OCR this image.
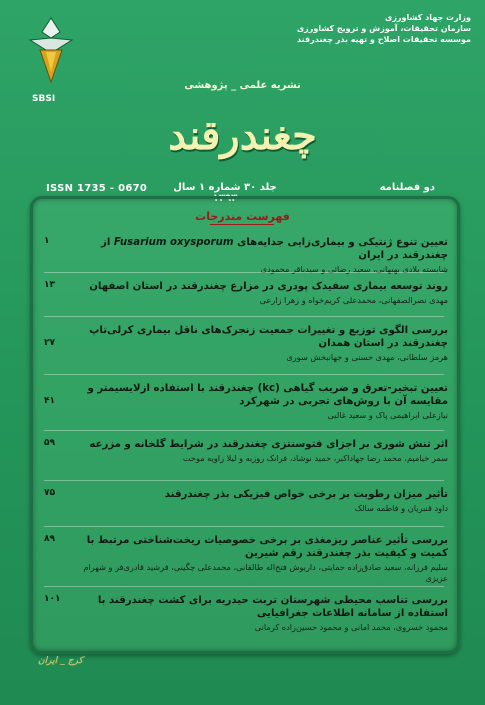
وزارت جهاد کشاورزی
سازمان تحقیقات، آموزش و ترویج کشاورزی
موسسه تحقیقات اصلاح و تهیه بذر چغندرقند
SBSI
نشریه علمی _ پژوهشی
چغندرقند
ISSN 1735 - 0670	جلد ۳۰ شماره ۱ سال ۱۳۹۳
دو فصلنامه
فهرست مندرجات
تعیین تنوع ژنتیکی و بیماری‌زایی جدایه‌های Fusarium oxysporum از چغندرقند در ایران
شایسته بلادی بهبهانی، سعید رضائی و سیدباقر محمودی
۱
روند توسعه بیماری سفیدک پودری در مزارع چغندرقند در استان اصفهان
مهدی نصرالصفهانی، محمدعلی کریم‌خواه و زهرا زارعی
۱۳
بررسی الگوی توزیع و تغییرات جمعیت زنجرک‌های ناقل بیماری کرلی‌تاپ چغندرقند در استان همدان
هرمز سلطانی، مهدی حسنی و جهانبخش سوری
۲۷
تعیین تبخیر-تعرق و ضریب گیاهی (kc) چغندرقند با استفاده ازلایسیمتر و مقایسه آن با روش‌های تجربی در شهرکرد
نیازعلی ابراهیمی پاک و سعید غالبی
۴۱
اثر تنش شوری بر اجزای فتوسنتزی چغندرقند در شرایط گلخانه و مزرعه
سمر خیامیم، محمد رضا جهاداکبر، حمید نوشاد، فرانک روزبه و لیلا زاویه موحت
۵۹
تأثیر میزان رطوبت بر برخی خواص فیزیکی بذر چغندرقند
داود قنبریان و فاطمه سالک
۷۵
بررسی تأثیر عناصر ریزمغذی بر برخی خصوصیات ریخت‌شناختی مرتبط با کمیت و کیفیت بذر چغندرقند رقم شیرین
سلیم فرزانه، سعید صادق‌زاده حمایتی، داریوش فتح‌اله طالقانی، محمدعلی چگینی، فرشید قادری‌فر و شهرام عزیزی
۸۹
بررسی تناسب محیطی شهرستان تربت حیدریه برای کشت چغندرقند با استفاده از سامانه اطلاعات جغرافیایی
محمود خسروی، محمد امانی و محمود حسین‌زاده کرمانی
۱۰۱
کرج _ ایران
